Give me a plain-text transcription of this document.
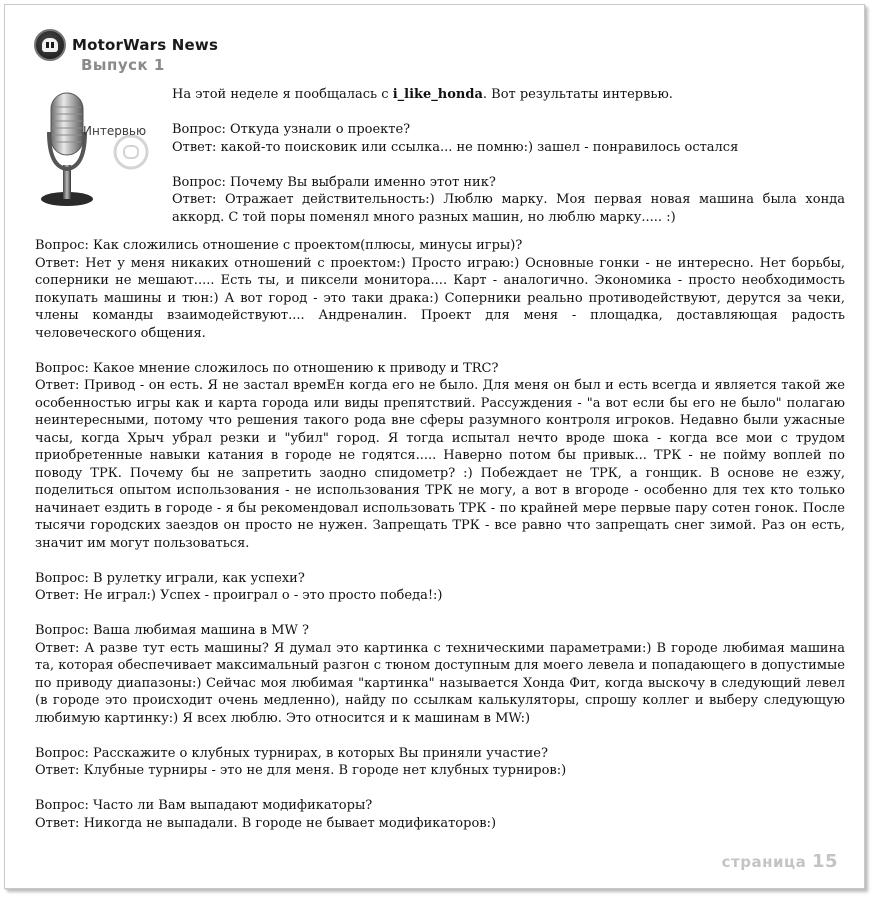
MotorWars News
Выпуск 1
Интервью

На этой неделе я пообщалась с i_like_honda. Вот результаты интервью.

Вопрос: Откуда узнали о проекте?

Ответ: какой-то поисковик или ссылка... не помню:) зашел - понравилось остался

Вопрос: Почему Вы выбрали именно этот ник?

Ответ: Отражает действительность:) Люблю марку. Моя первая новая машина была хонда аккорд. С той поры поменял много разных машин, но люблю марку..... :)

Вопрос: Как сложились отношение с проектом(плюсы, минусы игры)?

Ответ: Нет у меня никаких отношений с проектом:) Просто играю:) Основные гонки - не интересно. Нет борьбы, соперники не мешают..... Есть ты, и пиксели монитора.... Карт - аналогично. Экономика - просто необходимость покупать машины и тюн:) А вот город - это таки драка:) Соперники реально противодействуют, дерутся за чеки, члены команды взаимодействуют.... Андреналин. Проект для меня - площадка, доставляющая радость человеческого общения.

Вопрос: Какое мнение сложилось по отношению к приводу и TRC?

Ответ: Привод - он есть. Я не застал времЕн когда его не было. Для меня он был и есть всегда и является такой же особенностью игры как и карта города или виды препятствий. Рассуждения - "а вот если бы его не было" полагаю неинтересными, потому что решения такого рода вне сферы разумного контроля игроков. Недавно были ужасные часы, когда Хрыч убрал резки и "убил" город. Я тогда испытал нечто вроде шока - когда все мои с трудом приобретенные навыки катания в городе не годятся..... Наверно потом бы привык... ТРК - не пойму воплей по поводу ТРК. Почему бы не запретить заодно спидометр? :) Побеждает не ТРК, а гонщик. В основе не езжу, поделиться опытом использования - не использования ТРК не могу, а вот в вгороде - особенно для тех кто только начинает ездить в городе - я бы рекомендовал использовать ТРК - по крайней мере первые пару сотен гонок. После тысячи городских заездов он просто не нужен. Запрещать ТРК - все равно что запрещать снег зимой. Раз он есть, значит им могут пользоваться.

Вопрос: В рулетку играли, как успехи?

Ответ: Не играл:) Успех - проиграл о - это просто победа!:)

Вопрос: Ваша любимая машина в MW ?

Ответ: А разве тут есть машины? Я думал это картинка с техническими параметрами:) В городе любимая машина та, которая обеспечивает максимальный разгон с тюном доступным для моего левела и попадающего в допустимые по приводу диапазоны:) Сейчас моя любимая "картинка" называется Хонда Фит, когда выскочу в следующий левел (в городе это происходит очень медленно), найду по ссылкам калькуляторы, спрошу коллег и выберу следующую любимую картинку:) Я всех люблю. Это относится и к машинам в MW:)

Вопрос: Расскажите о клубных турнирах, в которых Вы приняли участие?

Ответ: Клубные турниры - это не для меня. В городе нет клубных турниров:)

Вопрос: Часто ли Вам выпадают модификаторы?

Ответ: Никогда не выпадали. В городе не бывает модификаторов:)

страница 15
